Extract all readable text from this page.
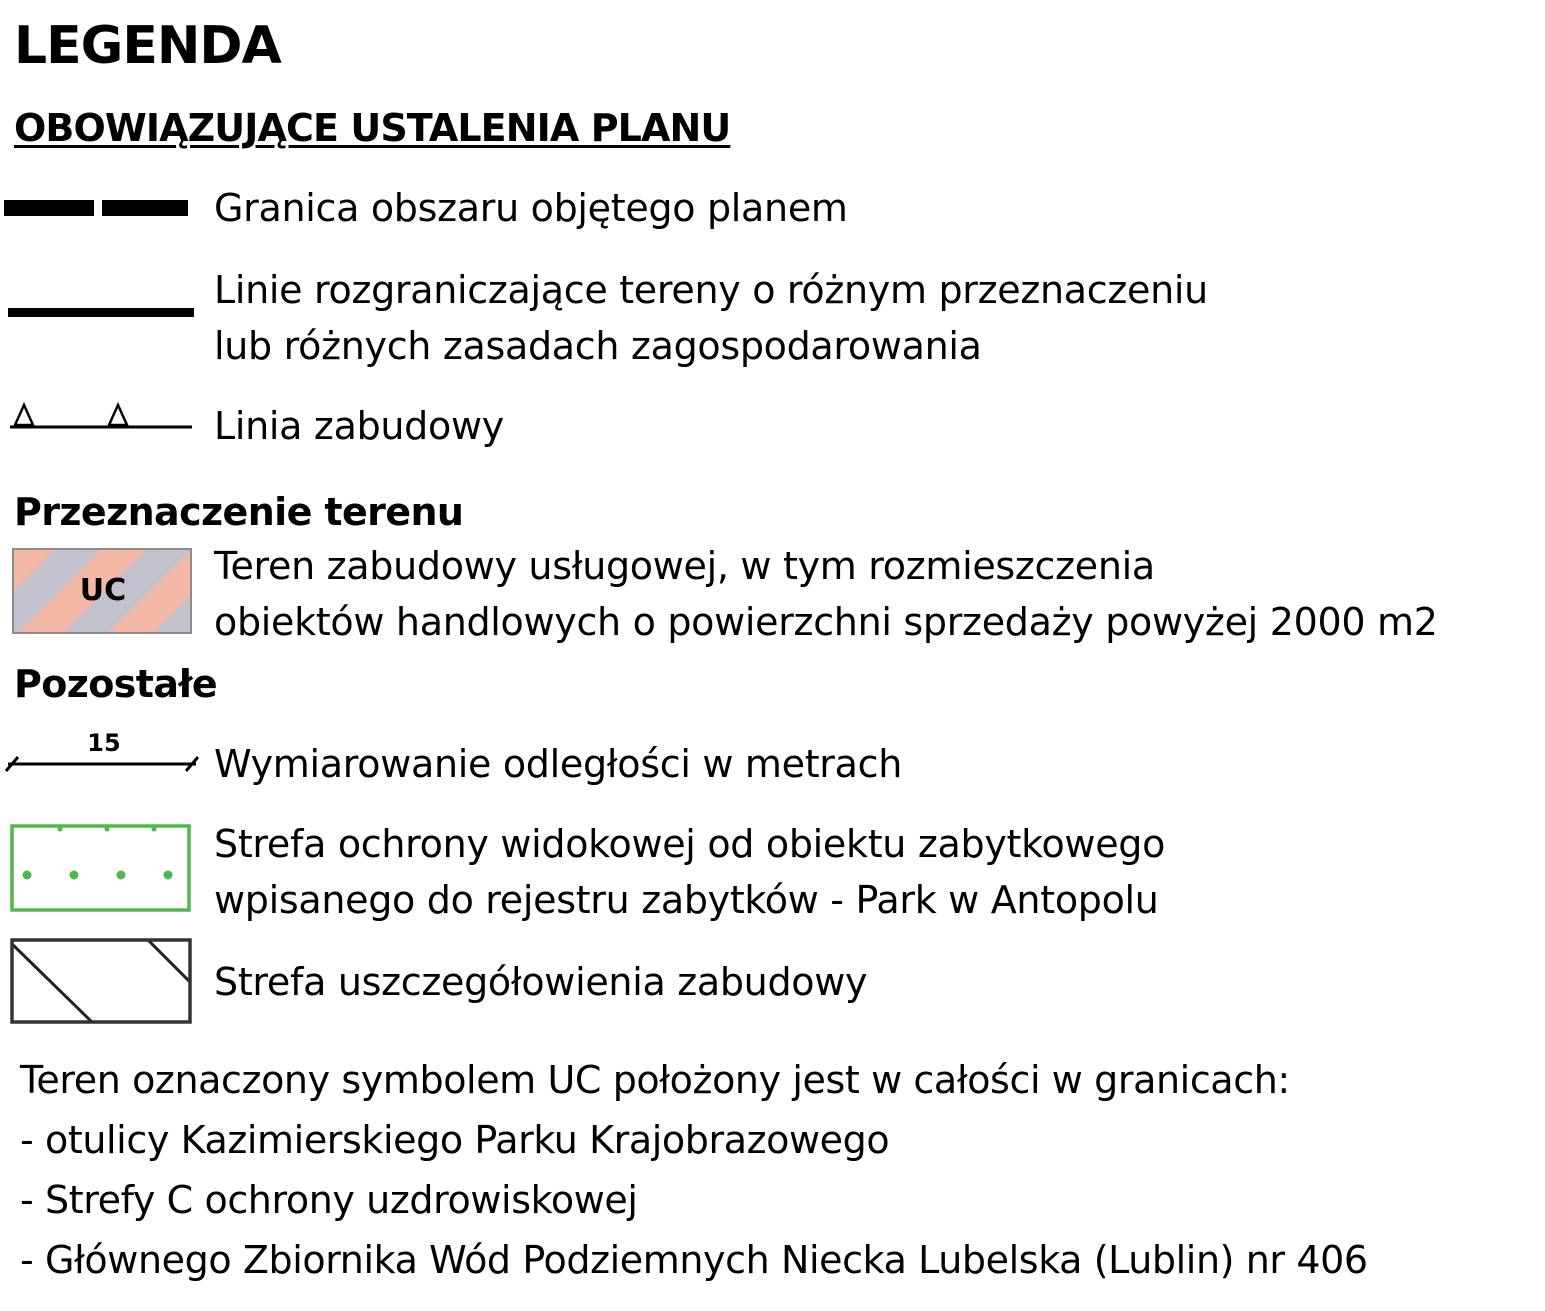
LEGENDA
OBOWIĄZUJĄCE USTALENIA PLANU
Granica obszaru objętego planem
Linie rozgraniczające tereny o różnym przeznaczeniu
lub różnych zasadach zagospodarowania
Linia zabudowy
Przeznaczenie terenu
UC
Teren zabudowy usługowej, w tym rozmieszczenia
obiektów handlowych o powierzchni sprzedaży powyżej 2000 m2
Pozostałe
15 Wymiarowanie odległości w metrach
Strefa ochrony widokowej od obiektu zabytkowego
wpisanego do rejestru zabytków - Park w Antopolu
Strefa uszczegółowienia zabudowy
Teren oznaczony symbolem UC położony jest w całości w granicach:
- otulicy Kazimierskiego Parku Krajobrazowego
- Strefy C ochrony uzdrowiskowej
- Głównego Zbiornika Wód Podziemnych Niecka Lubelska (Lublin) nr 406
